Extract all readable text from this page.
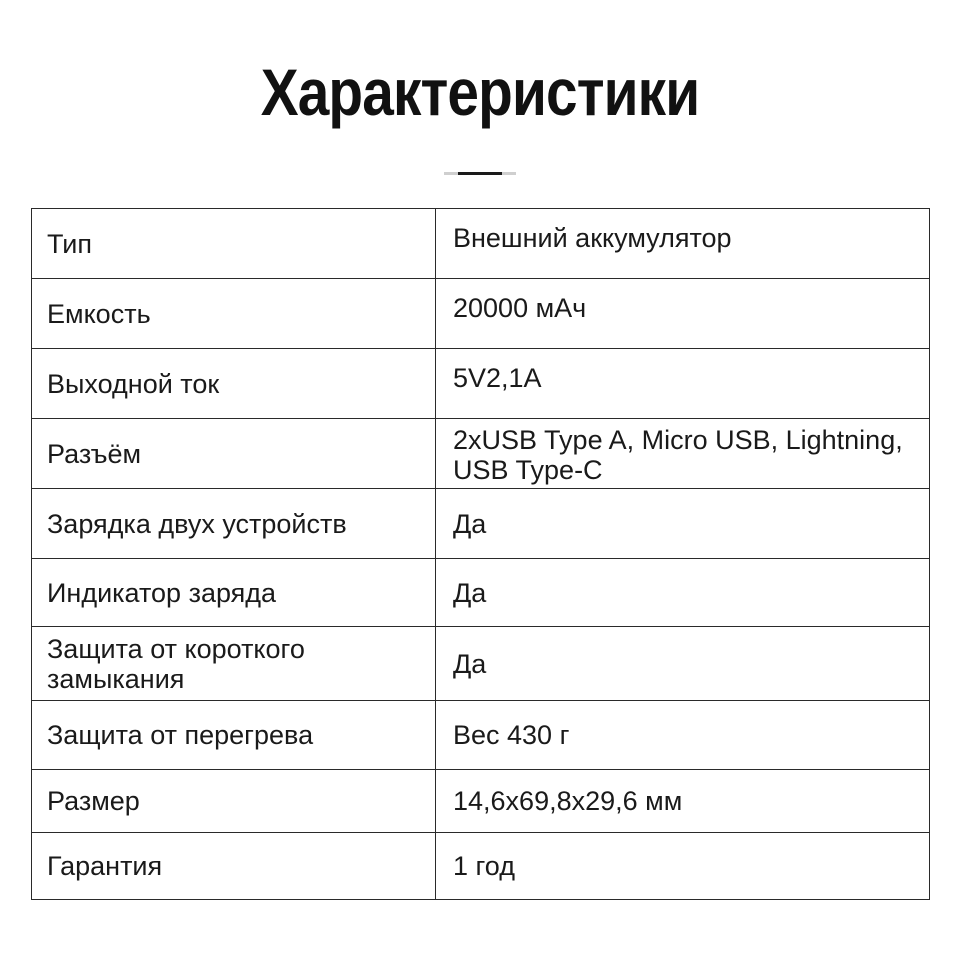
Характеристики
Тип	Внешний аккумулятор
Емкость	20000 мАч
Выходной ток	5V2,1A
Разъём	2xUSB Type A, Micro USB, Lightning, USB Type-C
Зарядка двух устройств	Да
Индикатор заряда	Да
Защита от короткого замыкания	Да
Защита от перегрева	Вес 430 г
Размер	14,6x69,8x29,6 мм
Гарантия	1 год
